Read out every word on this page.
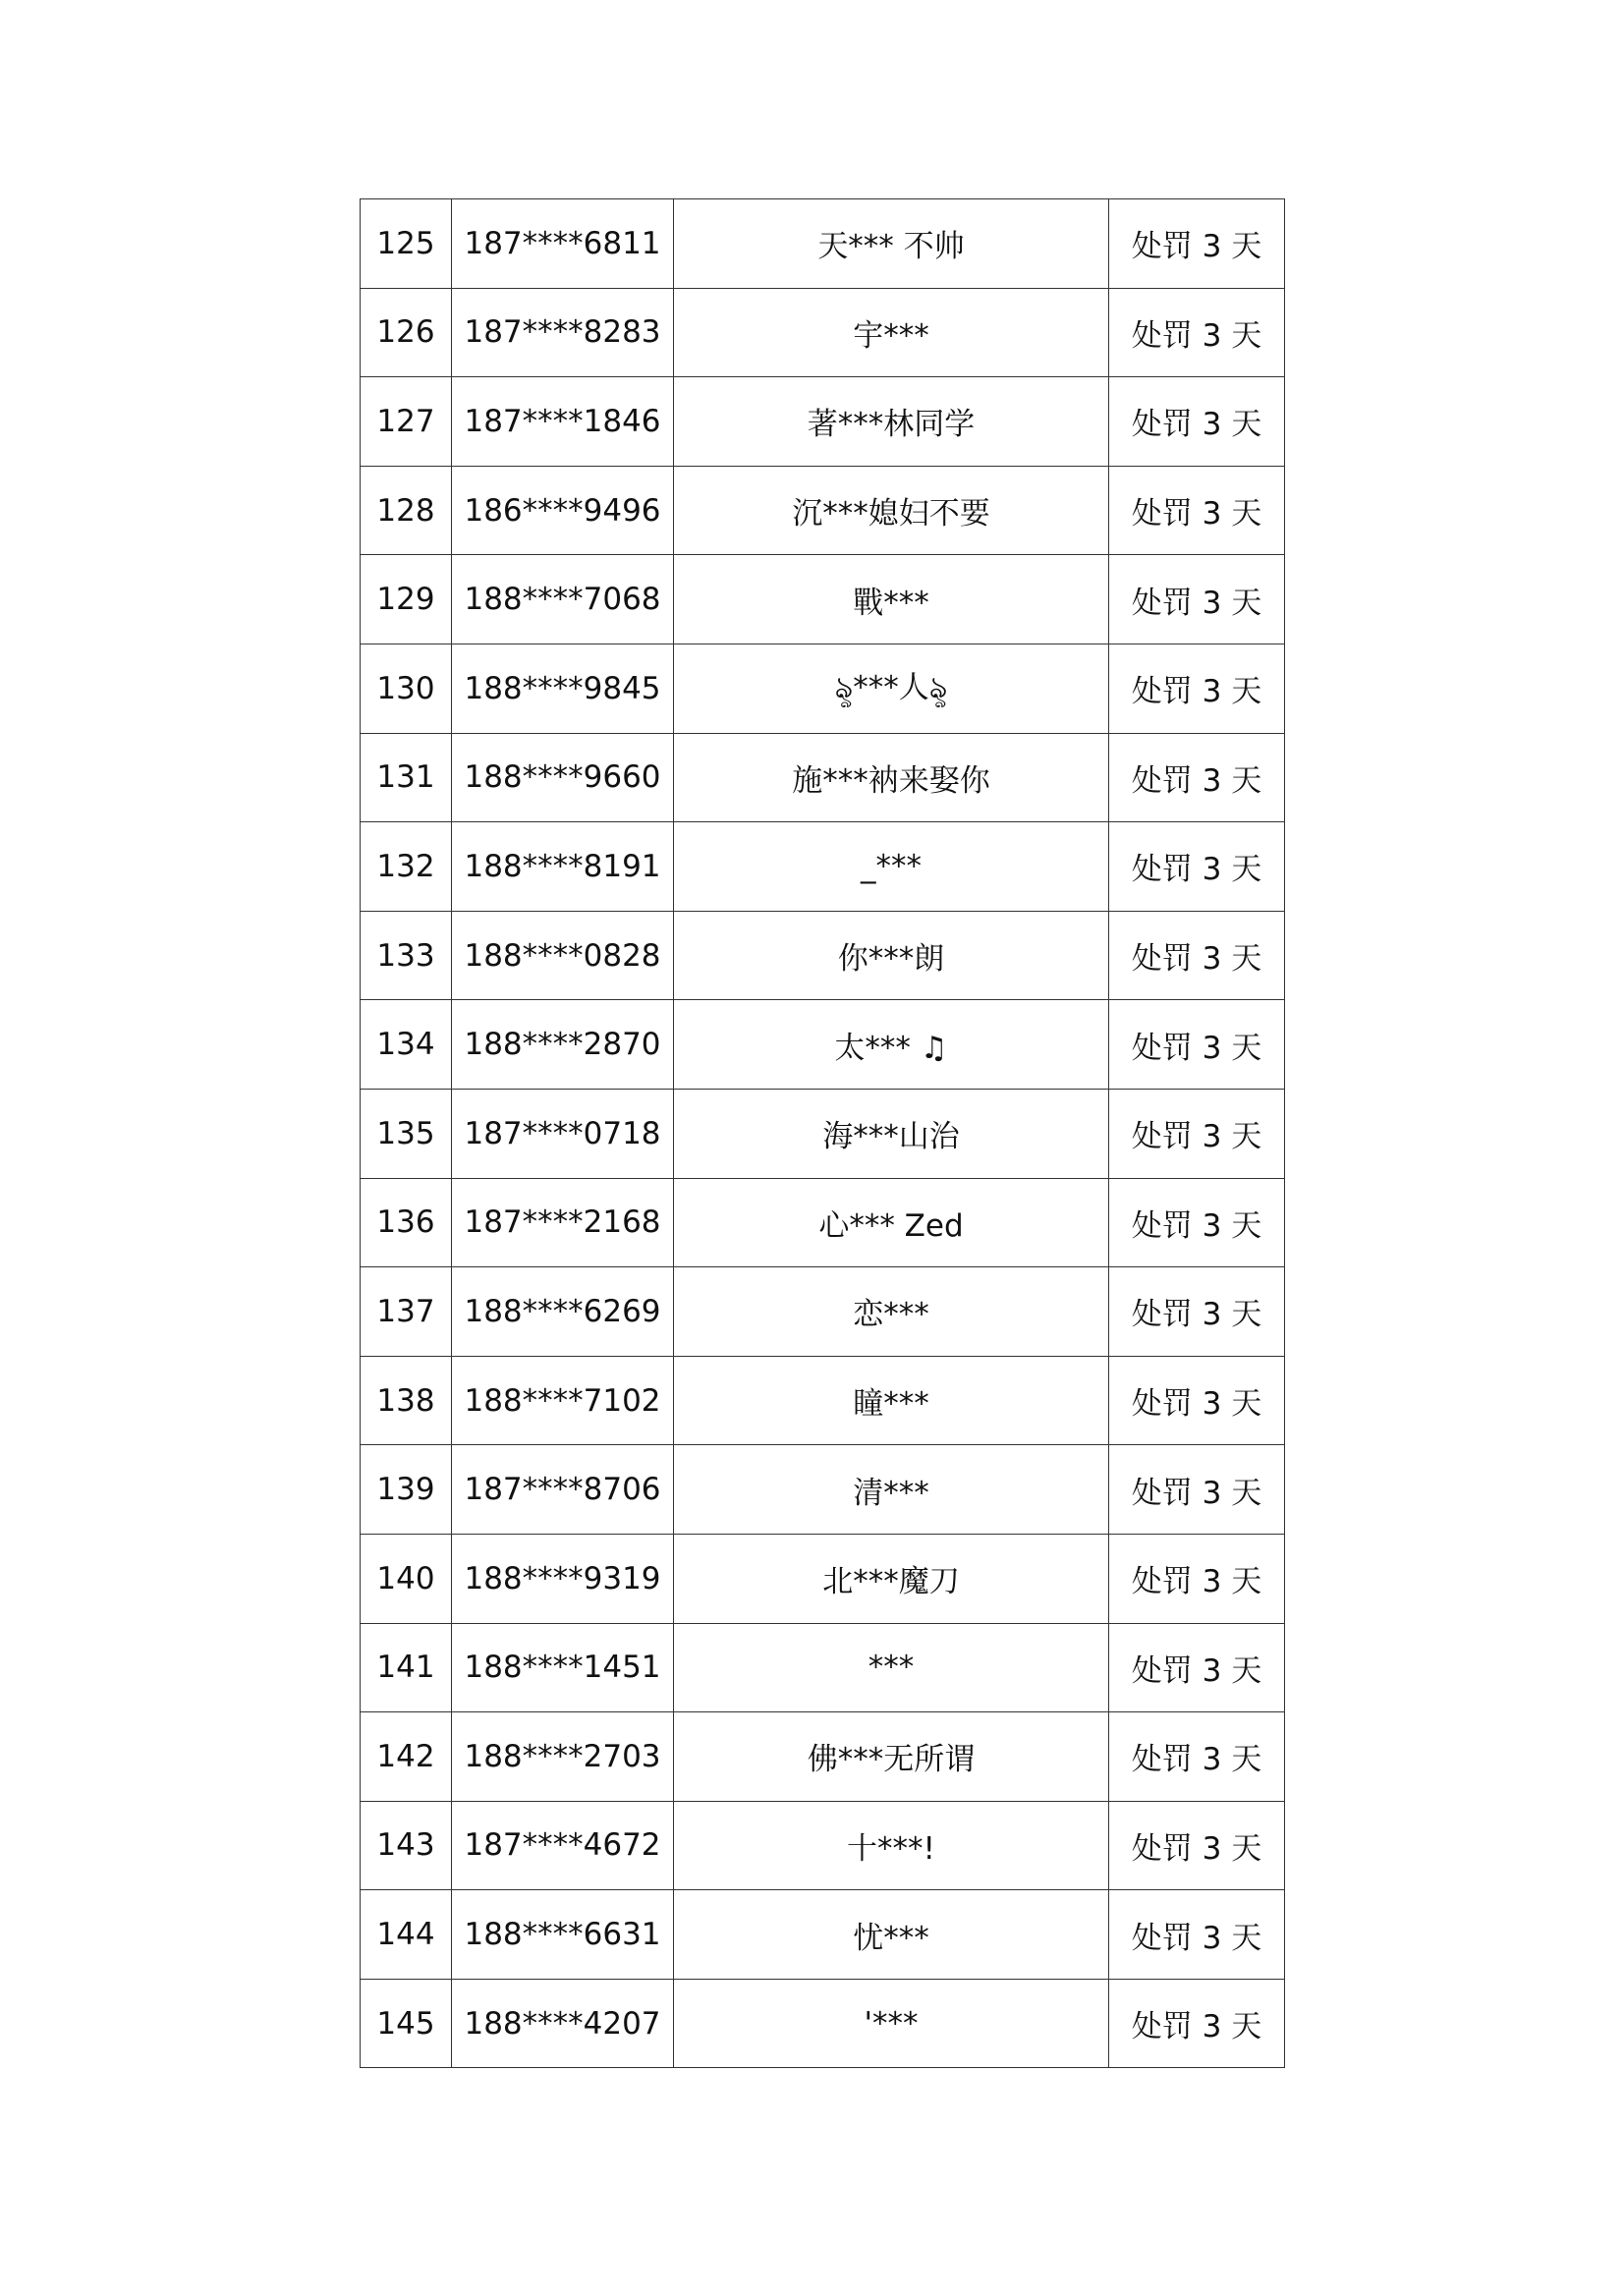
125	187****6811	天*** 不帅	处罚 3 天
126	187****8283	宇***	处罚 3 天
127	187****1846	著***林同学	处罚 3 天
128	186****9496	沉***媳妇不要	处罚 3 天
129	188****7068	戰***	处罚 3 天
130	188****9845	ৡ***人ৡ	处罚 3 天
131	188****9660	施***衲来娶你	处罚 3 天
132	188****8191	_***	处罚 3 天
133	188****0828	你***朗	处罚 3 天
134	188****2870	太*** ♫	处罚 3 天
135	187****0718	海***山治	处罚 3 天
136	187****2168	心*** Zed	处罚 3 天
137	188****6269	恋***	处罚 3 天
138	188****7102	瞳***	处罚 3 天
139	187****8706	清***	处罚 3 天
140	188****9319	北***魔刀	处罚 3 天
141	188****1451	***	处罚 3 天
142	188****2703	佛***无所谓	处罚 3 天
143	187****4672	十***!	处罚 3 天
144	188****6631	忧***	处罚 3 天
145	188****4207	'***	处罚 3 天
